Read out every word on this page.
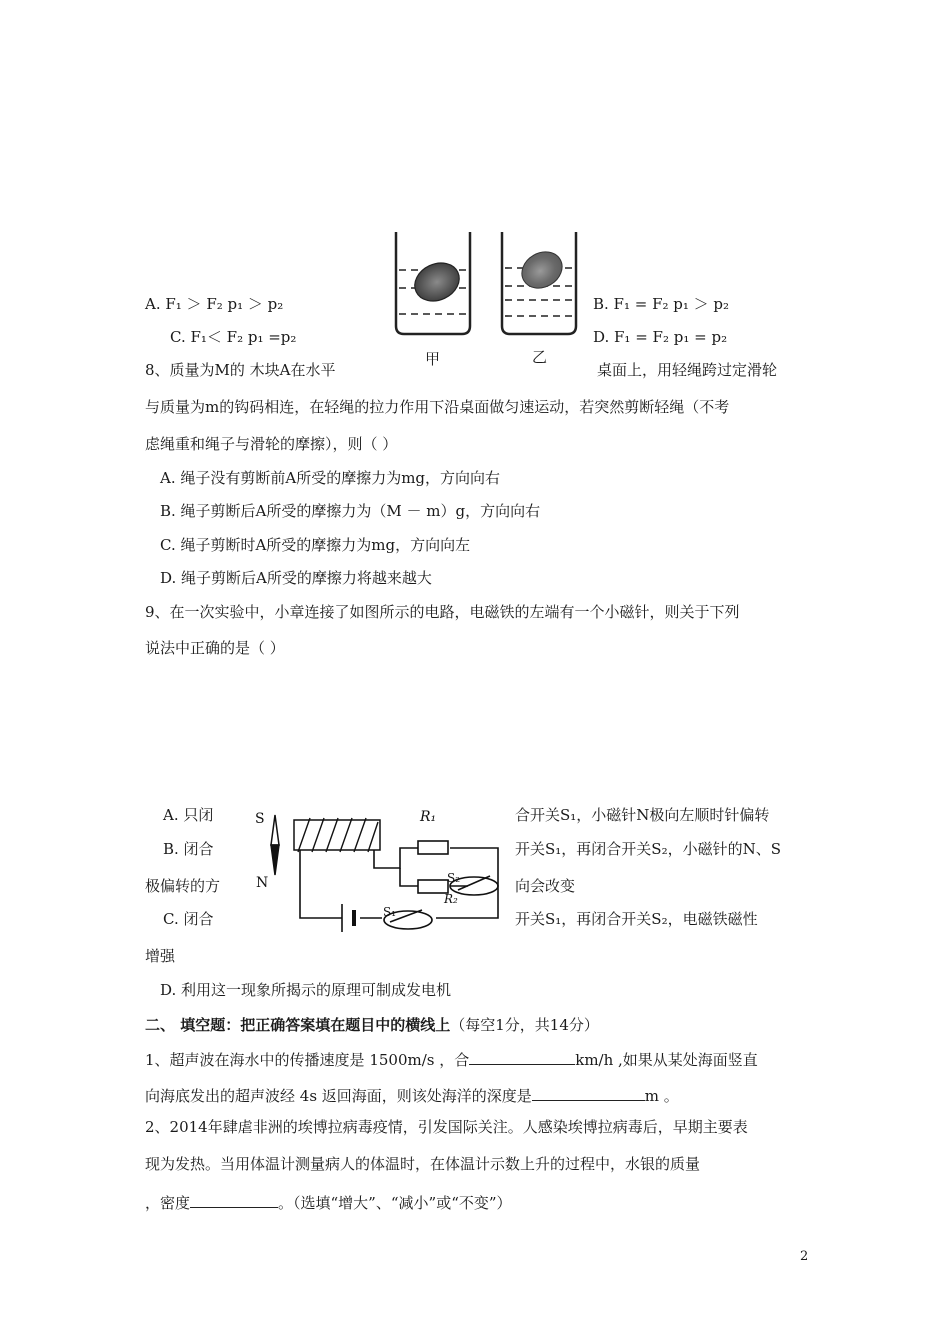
A. F₁ ＞ F₂ p₁ ＞ p₂
C. F₁＜ F₂ p₁ =p₂
B. F₁ = F₂ p₁ ＞ p₂
D. F₁ = F₂ p₁ = p₂
甲	乙
8、质量为M的 木块A在水平	桌面上，用轻绳跨过定滑轮
与质量为m的钩码相连，在轻绳的拉力作用下沿桌面做匀速运动，若突然剪断轻绳（不考
虑绳重和绳子与滑轮的摩擦），则（ ）
A. 绳子没有剪断前A所受的摩擦力为mg，方向向右
B. 绳子剪断后A所受的摩擦力为（M － m）g，方向向右
C. 绳子剪断时A所受的摩擦力为mg，方向向左
D. 绳子剪断后A所受的摩擦力将越来越大
9、在一次实验中，小章连接了如图所示的电路，电磁铁的左端有一个小磁针，则关于下列
说法中正确的是（ ）
A. 只闭	合开关S₁，小磁针N极向左顺时针偏转
B. 闭合	开关S₁，再闭合开关S₂，小磁针的N、S
极偏转的方	向会改变
C. 闭合	开关S₁，再闭合开关S₂，电磁铁磁性
增强
D. 利用这一现象所揭示的原理可制成发电机
S
N
R₁
R₂
S₂
S₁
二、 填空题：把正确答案填在题目中的横线上（每空1分，共14分）
1、超声波在海水中的传播速度是 1500m/s ，合	km/h ,如果从某处海面竖直
向海底发出的超声波经 4s 返回海面，则该处海洋的深度是	m 。
2、2014年肆虐非洲的埃博拉病毒疫情，引发国际关注。人感染埃博拉病毒后，早期主要表
现为发热。当用体温计测量病人的体温时，在体温计示数上升的过程中，水银的质量
，密度	。（选填“增大”、“减小”或“不变”）
2
